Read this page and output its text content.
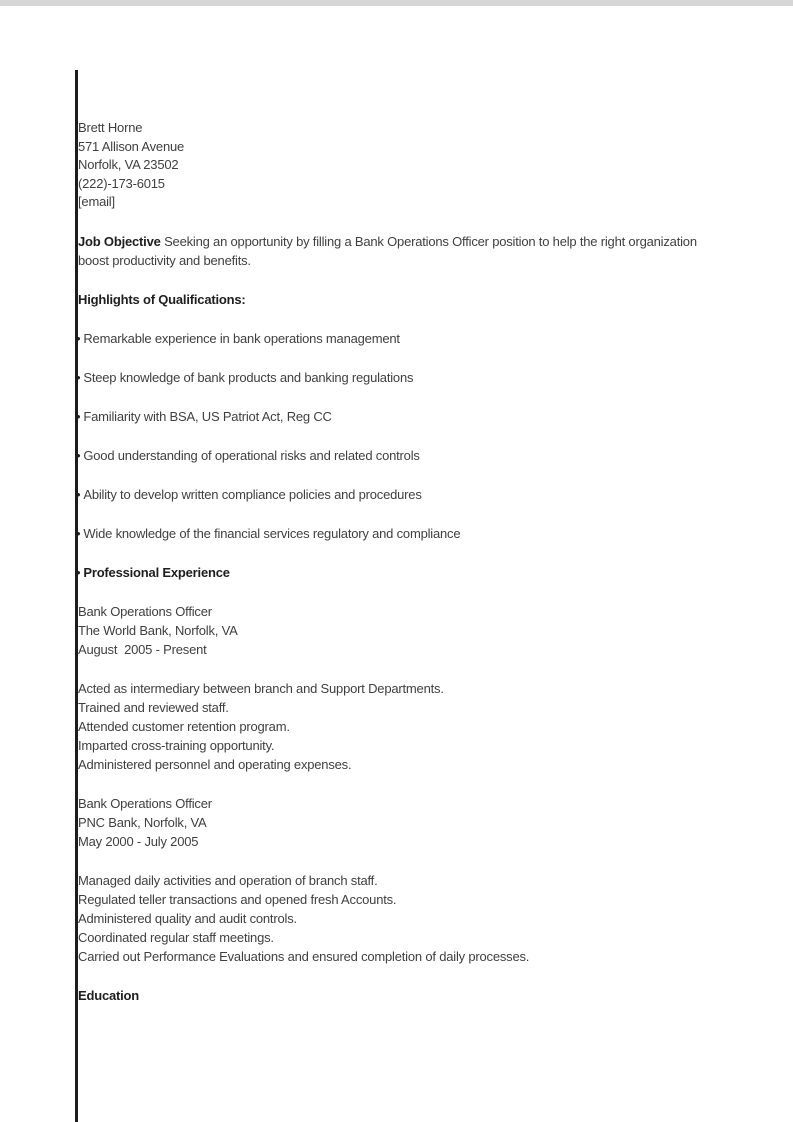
Brett Horne
571 Allison Avenue
Norfolk, VA 23502
(222)-173-6015
[email]

Job Objective Seeking an opportunity by filling a Bank Operations Officer position to help the right organization boost productivity and benefits.

Highlights of Qualifications:

• Remarkable experience in bank operations management
• Steep knowledge of bank products and banking regulations
• Familiarity with BSA, US Patriot Act, Reg CC
• Good understanding of operational risks and related controls
• Ability to develop written compliance policies and procedures
• Wide knowledge of the financial services regulatory and compliance
• Professional Experience
Bank Operations Officer
The World Bank, Norfolk, VA
August  2005 - Present
Acted as intermediary between branch and Support Departments.
Trained and reviewed staff.
Attended customer retention program.
Imparted cross-training opportunity.
Administered personnel and operating expenses.
Bank Operations Officer
PNC Bank, Norfolk, VA
May 2000 - July 2005
Managed daily activities and operation of branch staff.
Regulated teller transactions and opened fresh Accounts.
Administered quality and audit controls.
Coordinated regular staff meetings.
Carried out Performance Evaluations and ensured completion of daily processes.

Education
